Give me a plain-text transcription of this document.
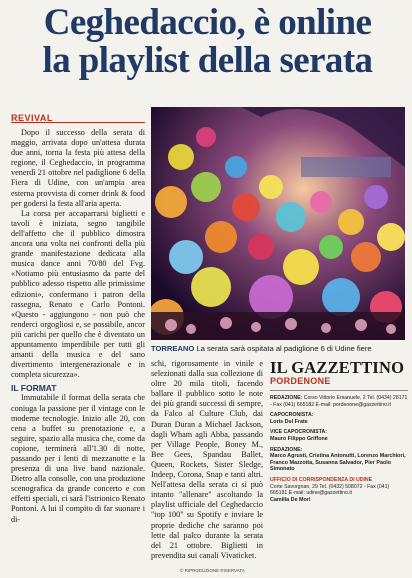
Ceghedaccio, è online
la playlist della serata
REVIVAL

Dopo il successo della serata di maggio, arrivata dopo un'attesa durata due anni, torna la festa più attesa della regione, il Ceghedaccio, in programma venerdì 21 ottobre nel padiglione 6 della Fiera di Udine, con un'ampia area esterna provvista di corner drink & food per godersi la festa all'aria aperta.

La corsa per accaparrarsi biglietti e tavoli è iniziata, segno tangibile dell'affetto che il pubblico dimostra ancora una volta nei confronti della più grande manifestazione dedicata alla musica dance anni 70/80 del Fvg. «Notiamo più entusiasmo da parte del pubblico adesso rispetto alle primissime edizioni», confermano i patron della rassegna, Renato e Carlo Pontoni. «Questo - aggiungono - non può che renderci orgogliosi e, se possibile, ancor più carichi per quello che è diventato un appuntamento imperdibile per tutti gli amanti della musica e del sano divertimento intergenerazionale e in completa sicurezza».

IL FORMAT

Immutabile il format della serata che coniuga la passione per il vintage con le moderne tecnologie. Inizio alle 20, con cena a buffet su prenotazione e, a seguire, spazio alla musica che, come da copione, terminerà all'1.30 di notte, passando per i lenti di mezzanotte e la presenza di una live band nazionale. Dietro alla consolle, con una produzione scenografica da grande concerto e con effetti speciali, ci sarà l'istrionico Renato Pontoni. A lui il compito di far suonare i di-

TORREANO La serata sarà ospitata al padiglione 6 di Udine fiere

schi, rigorosamente in vinile e selezionati dalla sua collezione di oltre 20 mila titoli, facendo ballare il pubblico sotto le note dei più grandi successi di sempre, da Falco al Culture Club, dai Duran Duran a Michael Jackson, dagli Wham agli Abba, passando per Village People, Boney M., Bee Gees, Spandau Ballet, Queen, Rockets, Sister Sledge, Indeep, Corona, Snap e tanti altri. Nell'attesa della serata ci si può intanto "allenare" ascoltando la playlist ufficiale del Ceghedaccio "top 100" su Spotify e inviare le proprie dediche che saranno poi lette dal palco durante la serata del 21 ottobre. Biglietti in prevendita sui canali Vivaticket.

IL GAZZETTINO
PORDENONE
REDAZIONE: Corso Vittorio Emanuele, 2 Tel. (0434) 28171 - Fax (041) 665182 E-mail: pordenone@gazzettino.it
CAPOCRONISTA:
Loris Del Frate
VICE CAPOCRONISTA:
Mauro Filippo Griffone
REDAZIONE:
Marco Agrusti, Cristina Antonutti, Lorenzo Marchiori, Franco Mazzotta, Susanna Salvador, Pier Paolo Simonato
UFFICIO DI CORRISPONDENZA DI UDINE
Corte Savorgnan, 29 Tel. (0432) 508072 - Fax (041) 665181 E-mail: udine@gazzettino.it
Camilla De Mori
© RIPRODUZIONE RISERVATA
